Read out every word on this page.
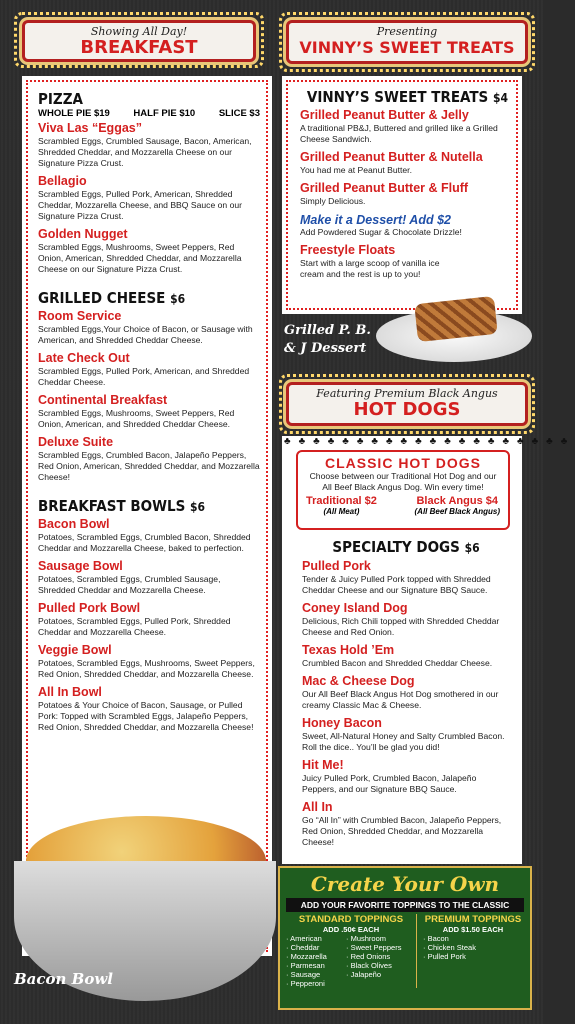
Showing All Day!
BREAKFAST
PIZZA
WHOLE PIE $19 HALF PIE $10 SLICE $3
Viva Las “Eggas”
Scrambled Eggs, Crumbled Sausage, Bacon, American, Shredded Cheddar, and Mozzarella Cheese on our Signature Pizza Crust.
Bellagio
Scrambled Eggs, Pulled Pork, American, Shredded Cheddar, Mozzarella Cheese, and BBQ Sauce on our Signature Pizza Crust.
Golden Nugget
Scrambled Eggs, Mushrooms, Sweet Peppers, Red Onion, American, Shredded Cheddar, and Mozzarella Cheese on our Signature Pizza Crust.
GRILLED CHEESE $6
Room Service
Scrambled Eggs,Your Choice of Bacon, or Sausage with American, and Shredded Cheddar Cheese.
Late Check Out
Scrambled Eggs, Pulled Pork, American, and Shredded Cheddar Cheese.
Continental Breakfast
Scrambled Eggs, Mushrooms, Sweet Peppers, Red Onion, American, and Shredded Cheddar Cheese.
Deluxe Suite
Scrambled Eggs, Crumbled Bacon, Jalapeño Peppers, Red Onion, American, Shredded Cheddar, and Mozzarella Cheese!
BREAKFAST BOWLS $6
Bacon Bowl
Potatoes, Scrambled Eggs, Crumbled Bacon, Shredded Cheddar and Mozzarella Cheese, baked to perfection.
Sausage Bowl
Potatoes, Scrambled Eggs, Crumbled Sausage, Shredded Cheddar and Mozzarella Cheese.
Pulled Pork Bowl
Potatoes, Scrambled Eggs, Pulled Pork, Shredded Cheddar and Mozzarella Cheese.
Veggie Bowl
Potatoes, Scrambled Eggs, Mushrooms, Sweet Peppers, Red Onion, Shredded Cheddar, and Mozzarella Cheese.
All In Bowl
Potatoes & Your Choice of Bacon, Sausage, or Pulled Pork: Topped with Scrambled Eggs, Jalapeño Peppers, Red Onion, Shredded Cheddar, and Mozzarella Cheese!
Bacon Bowl
Presenting
VINNY’S SWEET TREATS
VINNY’S SWEET TREATS $4
Grilled Peanut Butter & Jelly
A traditional PB&J, Buttered and grilled like a Grilled Cheese Sandwich.
Grilled Peanut Butter & Nutella
You had me at Peanut Butter.
Grilled Peanut Butter & Fluff
Simply Delicious.
Make it a Dessert! Add $2
Add Powdered Sugar & Chocolate Drizzle!
Freestyle Floats
Start with a large scoop of vanilla ice cream and the rest is up to you!
Grilled P. B.
& J Dessert
Featuring Premium Black Angus
HOT DOGS
♣♣♣♣♣♣♣♣♣♣♣♣♣♣♣♣♣♣♣♣
CLASSIC HOT DOGS
Choose between our Traditional Hot Dog and our All Beef Black Angus Dog. Win every time!
Traditional $2
(All Meat)
Black Angus $4
(All Beef Black Angus)
SPECIALTY DOGS $6
Pulled Pork
Tender & Juicy Pulled Pork topped with Shredded Cheddar Cheese and our Signature BBQ Sauce.
Coney Island Dog
Delicious, Rich Chili topped with Shredded Cheddar Cheese and Red Onion.
Texas Hold ’Em
Crumbled Bacon and Shredded Cheddar Cheese.
Mac & Cheese Dog
Our All Beef Black Angus Hot Dog smothered in our creamy Classic Mac & Cheese.
Honey Bacon
Sweet, All-Natural Honey and Salty Crumbled Bacon. Roll the dice.. You’ll be glad you did!
Hit Me!
Juicy Pulled Pork, Crumbled Bacon, Jalapeño Peppers, and our Signature BBQ Sauce.
All In
Go “All In” with Crumbled Bacon, Jalapeño Peppers, Red Onion, Shredded Cheddar, and Mozzarella Cheese!
Create Your Own
ADD YOUR FAVORITE TOPPINGS TO THE CLASSIC
STANDARD TOPPINGS
ADD .50¢ EACH
· American
· Cheddar
· Mozzarella
· Parmesan
· Sausage
· Pepperoni
· Mushroom
· Sweet Peppers
· Red Onions
· Black Olives
· Jalapeño
PREMIUM TOPPINGS
ADD $1.50 EACH
· Bacon
· Chicken Steak
· Pulled Pork
